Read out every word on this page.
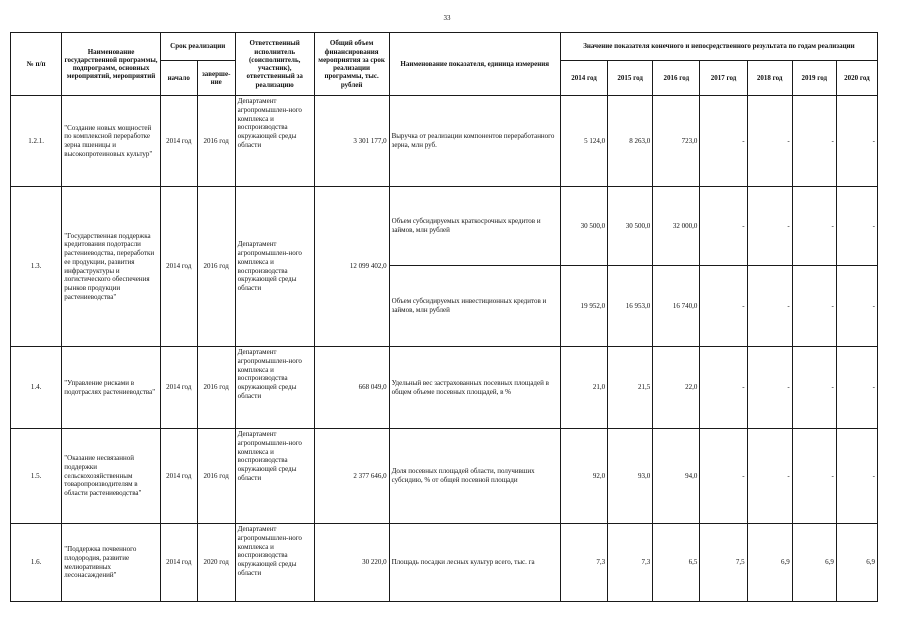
33
№ п/п	Наименование государственной программы, подпрограмм, основных мероприятий, мероприятий	Срок реализации		Ответственный исполнитель (соисполнитель, участник), ответственный за реализацию	Общий объем финансирования мероприятия за срок реализации программы, тыс. рублей	Наименование показателя, единица измерения	Значение показателя конечного и непосредственного результата по годам реализации						
		начало	заверше-ние				2014 год	2015 год	2016 год	2017 год	2018 год	2019 год	2020 год
1.2.1.	"Создание новых мощностей по комплексной переработке зерна пшеницы и высокопротеиновых культур"	2014 год	2016 год	Департамент агропромышлен-ного комплекса и воспроизводства окружающей среды области	3 301 177,0	Выручка от реализации компонентов переработанного зерна, млн руб.	5 124,0	8 263,0	723,0	-	-	-	-
1.3.	"Государственная поддержка кредитования подотрасли растениеводства, переработки ее продукции, развития инфраструктуры и логистического обеспечения рынков продукции растениеводства"	2014 год	2016 год	Департамент агропромышлен-ного комплекса и воспроизводства окружающей среды области	12 099 402,0	Объем субсидируемых краткосрочных кредитов и займов, млн рублей	30 500,0	30 500,0	32 000,0	-	-	-	-
						Объем субсидируемых инвестиционных кредитов и займов, млн рублей	19 952,0	16 953,0	16 740,0	-	-	-	-
1.4.	"Управление рисками в подотраслях растениеводства"	2014 год	2016 год	Департамент агропромышлен-ного комплекса и воспроизводства окружающей среды области	668 049,0	Удельный вес застрахованных посевных площадей в общем объеме посевных площадей, в %	21,0	21,5	22,0	-	-	-	-
1.5.	"Оказание несвязанной поддержки сельскохозяйственным товаропроизводителям в области растениеводства"	2014 год	2016 год	Департамент агропромышлен-ного комплекса и воспроизводства окружающей среды области	2 377 646,0	Доля посевных площадей области, получивших субсидию, % от общей посевной площади	92,0	93,0	94,0	-	-	-	-
1.6.	"Поддержка почвенного плодородия, развитие мелиоративных лесонасаждений"	2014 год	2020 год	Департамент агропромышлен-ного комплекса и воспроизводства окружающей среды области	30 220,0	Площадь посадки лесных культур всего, тыс. га	7,3	7,3	6,5	7,5	6,9	6,9	6,9
